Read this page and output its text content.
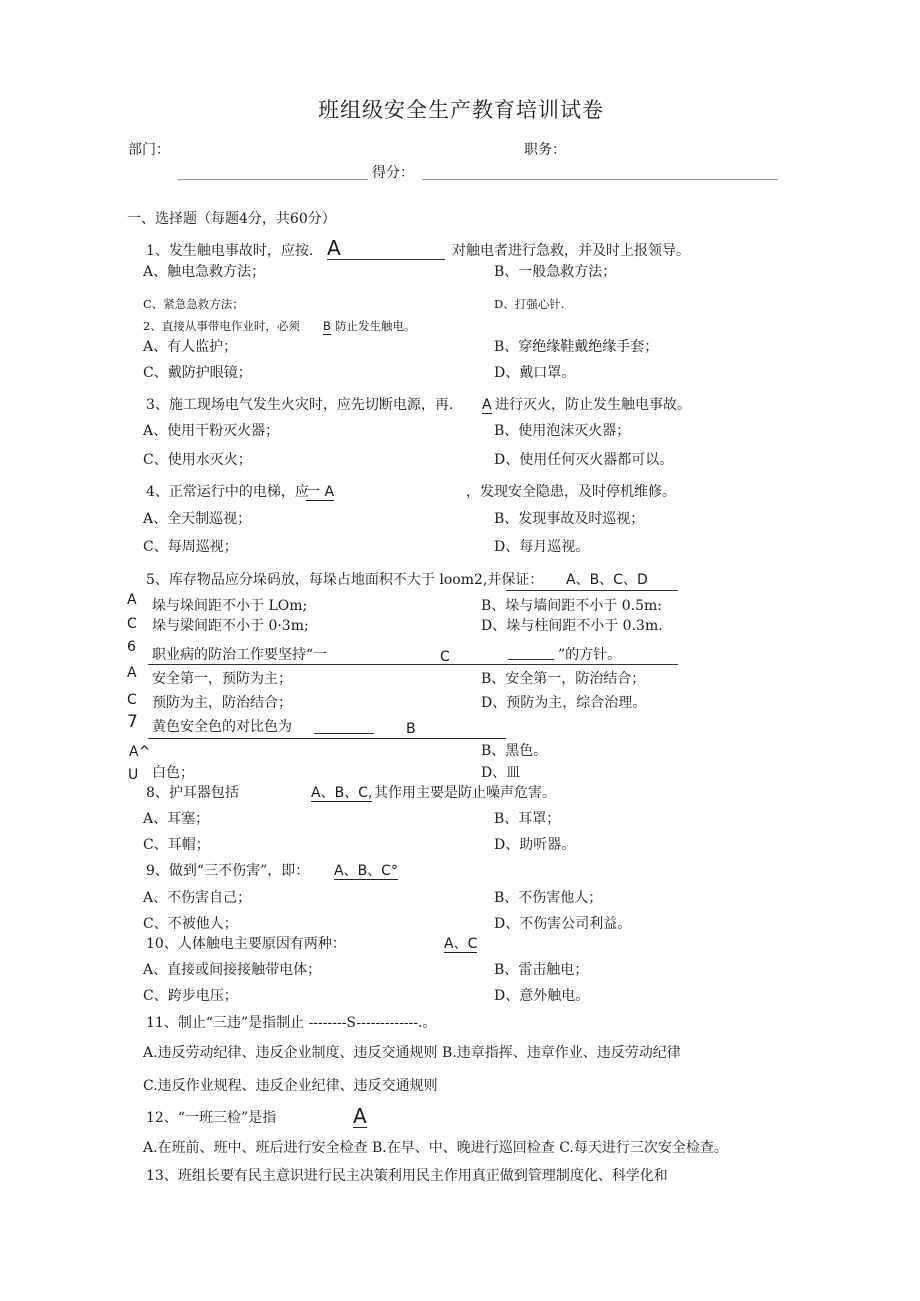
班组级安全生产教育培训试卷
部门：	职务：
得分：
一、选择题（每题4分，共60分）
1、发生触电事故时，应按. A	对触电者进行急救，并及时上报领导。
A、触电急救方法；	B、一般急救方法；
C、紧急急救方法；	D、打强心针.
2、直接从事带电作业时，必须 B 防止发生触电。
A、有人监护；	B、穿绝缘鞋戴绝缘手套；
C、戴防护眼镜；	D、戴口罩。
3、施工现场电气发生火灾时，应先切断电源，再. A 进行灭火，防止发生触电事故。
A、使用干粉灭火器；	B、使用泡沫灭火器；
C、使用水灭火；	D、使用任何灭火器都可以。
4、正常运行中的电梯，应
一 A	，发现安全隐患，及时停机维修。
A、全天制巡视；	B、发现事故及时巡视；
C、每周巡视；	D、每月巡视。
5、库存物品应分垛码放，每垛占地面积不大于 loom2,并保证： A、B、C、D
A 垛与垛间距不小于 LOm;	B、垛与墙间距不小于 0.5m:
C 垛与梁间距不小于 0·3m;	D、垛与柱间距不小于 0.3m.
6 职业病的防治工作要坚持“一	C	”的方针。
A 安全第一，预防为主；	B、安全第一，防治结合；
C 预防为主，防治结合；	D、预防为主，综合治理。
7 黄色安全色的对比色为	B
A^	B、黑色。
U 白色；	D、皿
8、护耳器包括	A、B、C, 其作用主要是防止噪声危害。
A、耳塞；	B、耳罩；
C、耳帽；	D、助听器。
9、做到“三不伤害”，即： A、B、C°
A、不伤害自己；	B、不伤害他人；
C、不被他人；	D、不伤害公司利益。
10、人体触电主要原因有两种：	A、C
A、直接或间接接触带电体；	B、雷击触电；
C、跨步电压；	D、意外触电。
11、制止“三违”是指制止 --------S-------------.。
A.违反劳动纪律、违反企业制度、违反交通规则 B.违章指挥、违章作业、违反劳动纪律
C.违反作业规程、违反企业纪律、违反交通规则
12、“一班三检”是指	A
A.在班前、班中、班后进行安全检查 B.在早、中、晚进行巡回检查 C.每天进行三次安全检查。
13、班组长要有民主意识进行民主决策利用民主作用真正做到管理制度化、科学化和
